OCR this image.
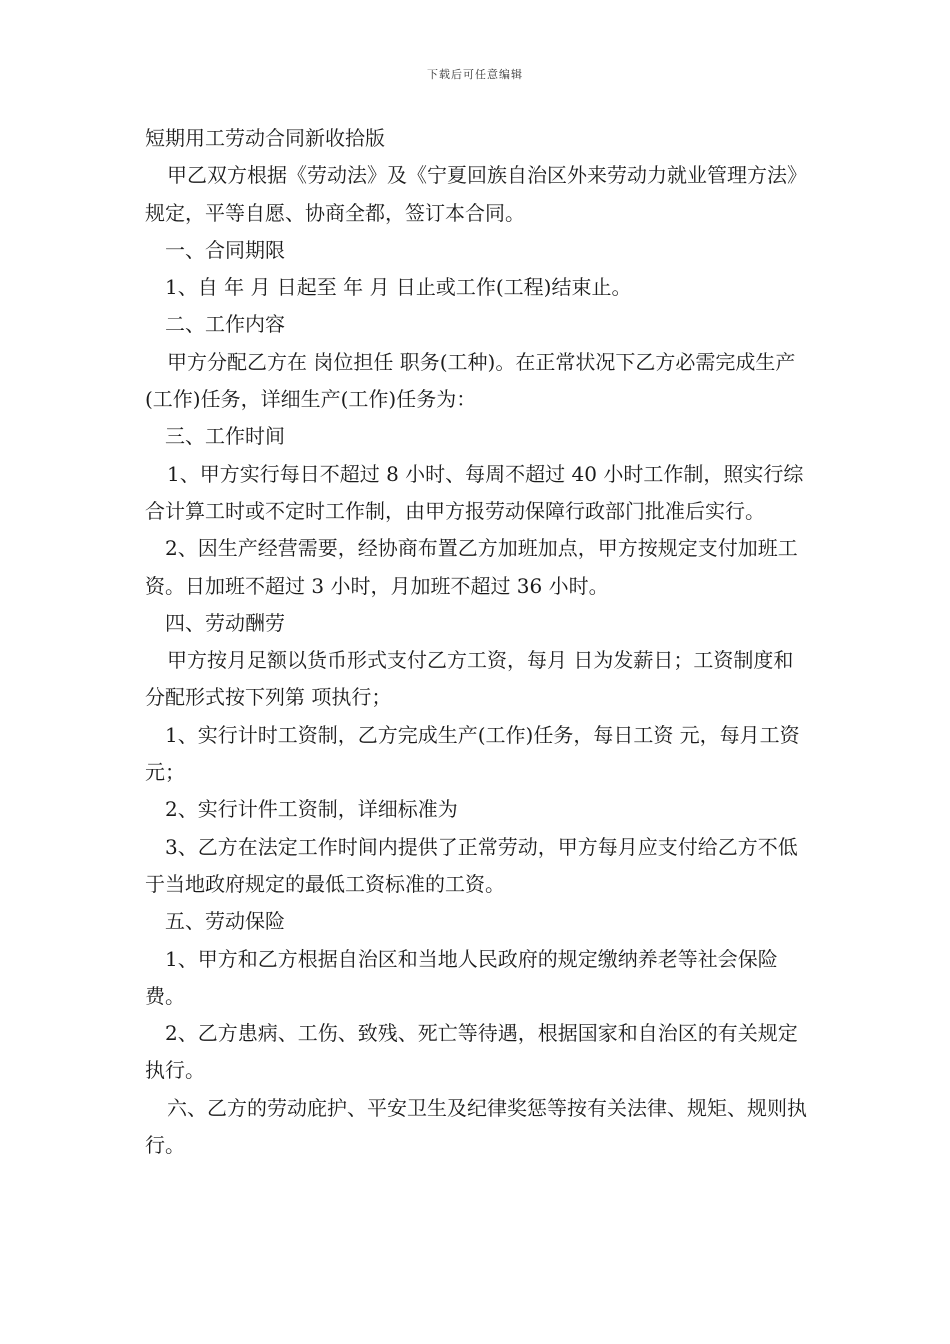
下载后可任意编辑

短期用工劳动合同新收拾版

甲乙双方根据《劳动法》及《宁夏回族自治区外来劳动力就业管理方法》规定，平等自愿、协商全都，签订本合同。

一、合同期限

1、自 年 月 日起至 年 月 日止或工作(工程)结束止。

二、工作内容

甲方分配乙方在 岗位担任 职务(工种)。在正常状况下乙方必需完成生产(工作)任务，详细生产(工作)任务为：

三、工作时间

1、甲方实行每日不超过 8 小时、每周不超过 40 小时工作制，照实行综合计算工时或不定时工作制，由甲方报劳动保障行政部门批准后实行。

2、因生产经营需要，经协商布置乙方加班加点，甲方按规定支付加班工资。日加班不超过 3 小时，月加班不超过 36 小时。

四、劳动酬劳

甲方按月足额以货币形式支付乙方工资，每月 日为发薪日；工资制度和分配形式按下列第 项执行；

1、实行计时工资制，乙方完成生产(工作)任务，每日工资 元，每月工资 元；

2、实行计件工资制，详细标准为

3、乙方在法定工作时间内提供了正常劳动，甲方每月应支付给乙方不低于当地政府规定的最低工资标准的工资。

五、劳动保险

1、甲方和乙方根据自治区和当地人民政府的规定缴纳养老等社会保险费。

2、乙方患病、工伤、致残、死亡等待遇，根据国家和自治区的有关规定执行。

六、乙方的劳动庇护、平安卫生及纪律奖惩等按有关法律、规矩、规则执行。
